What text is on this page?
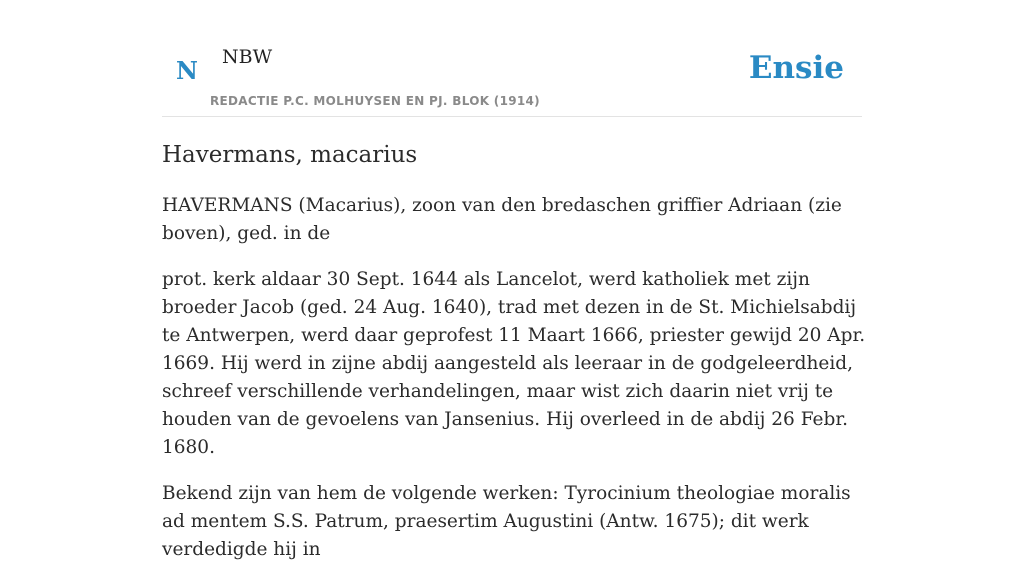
N NBW
REDACTIE P.C. MOLHUYSEN EN PJ. BLOK (1914)
Ensie
Havermans, macarius

HAVERMANS (Macarius), zoon van den bredaschen griffier Adriaan (zie boven), ged. in de

prot. kerk aldaar 30 Sept. 1644 als Lancelot, werd katholiek met zijn broeder Jacob (ged. 24 Aug. 1640), trad met dezen in de St. Michielsabdij te Antwerpen, werd daar geprofest 11 Maart 1666, priester gewijd 20 Apr. 1669. Hij werd in zijne abdij aangesteld als leeraar in de godgeleerdheid, schreef verschillende verhandelingen, maar wist zich daarin niet vrij te houden van de gevoelens van Jansenius. Hij overleed in de abdij 26 Febr. 1680.

Bekend zijn van hem de volgende werken: Tyrocinium theologiae moralis ad mentem S.S. Patrum, praesertim Augustini (Antw. 1675); dit werk verdedigde hij in
